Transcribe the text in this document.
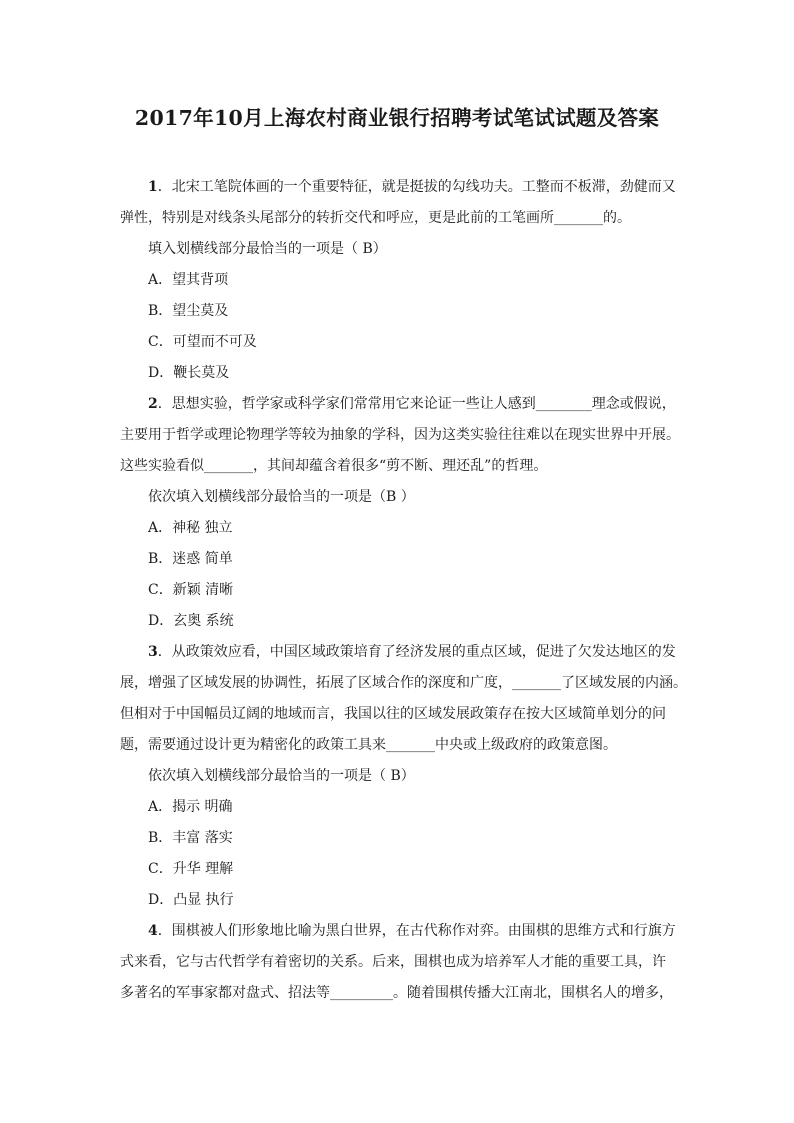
2017年10月上海农村商业银行招聘考试笔试试题及答案

1．北宋工笔院体画的一个重要特征，就是挺拔的勾线功夫。工整而不板滞，劲健而又
弹性，特别是对线条头尾部分的转折交代和呼应，更是此前的工笔画所_______的。

填入划横线部分最恰当的一项是（ B）

A．望其背项

B．望尘莫及

C．可望而不可及

D．鞭长莫及

2．思想实验，哲学家或科学家们常常用它来论证一些让人感到________理念或假说，
主要用于哲学或理论物理学等较为抽象的学科，因为这类实验往往难以在现实世界中开展。
这些实验看似_______，其间却蕴含着很多“剪不断、理还乱”的哲理。

依次填入划横线部分最恰当的一项是（B ）

A．神秘 独立

B．迷惑 简单

C．新颖 清晰

D．玄奥 系统

3．从政策效应看，中国区域政策培育了经济发展的重点区域，促进了欠发达地区的发
展，增强了区域发展的协调性，拓展了区域合作的深度和广度，_______了区域发展的内涵。
但相对于中国幅员辽阔的地域而言，我国以往的区域发展政策存在按大区域简单划分的问
题，需要通过设计更为精密化的政策工具来_______中央或上级政府的政策意图。

依次填入划横线部分最恰当的一项是（ B）

A．揭示 明确

B．丰富 落实

C．升华 理解

D．凸显 执行

4．围棋被人们形象地比喻为黑白世界，在古代称作对弈。由围棋的思维方式和行旗方
式来看，它与古代哲学有着密切的关系。后来，围棋也成为培养军人才能的重要工具，许
多著名的军事家都对盘式、招法等_________。随着围棋传播大江南北，围棋名人的增多，
